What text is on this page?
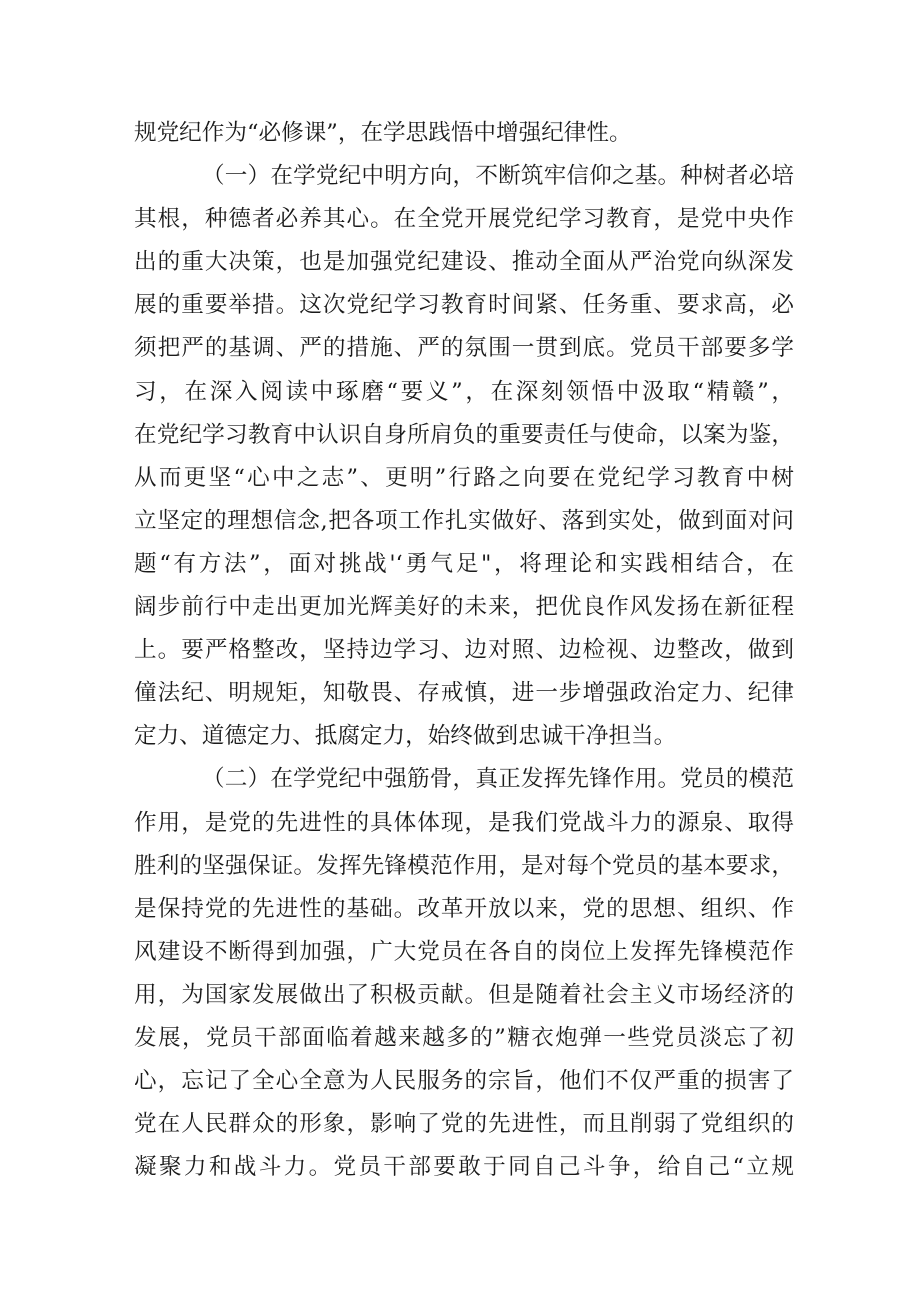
规党纪作为“必修课”，在学思践悟中增强纪律性。
（一）在学党纪中明方向，不断筑牢信仰之基。种树者必培
其根，种德者必养其心。在全党开展党纪学习教育，是党中央作
出的重大决策，也是加强党纪建设、推动全面从严治党向纵深发
展的重要举措。这次党纪学习教育时间紧、任务重、要求高，必
须把严的基调、严的措施、严的氛围一贯到底。党员干部要多学
习，在深入阅读中琢磨“要义”，在深刻领悟中汲取“精赣”，
在党纪学习教育中认识自身所肩负的重要责任与使命，以案为鉴，
从而更坚“心中之志”、更明”行路之向要在党纪学习教育中树
立坚定的理想信念,把各项工作扎实做好、落到实处，做到面对问
题“有方法”，面对挑战'‘勇气足"，将理论和实践相结合，在
阔步前行中走出更加光辉美好的未来，把优良作风发扬在新征程
上。要严格整改，坚持边学习、边对照、边检视、边整改，做到
僮法纪、明规矩，知敬畏、存戒慎，进一步增强政治定力、纪律
定力、道德定力、抵腐定力，始终做到忠诚干净担当。
（二）在学党纪中强筋骨，真正发挥先锋作用。党员的模范
作用，是党的先进性的具体体现，是我们党战斗力的源泉、取得
胜利的坚强保证。发挥先锋模范作用，是对每个党员的基本要求，
是保持党的先进性的基础。改革开放以来，党的思想、组织、作
风建设不断得到加强，广大党员在各自的岗位上发挥先锋模范作
用，为国家发展做出了积极贡献。但是随着社会主义市场经济的
发展，党员干部面临着越来越多的”糖衣炮弹一些党员淡忘了初
心，忘记了全心全意为人民服务的宗旨，他们不仅严重的损害了
党在人民群众的形象，影响了党的先进性，而且削弱了党组织的
凝聚力和战斗力。党员干部要敢于同自己斗争，给自己“立规
